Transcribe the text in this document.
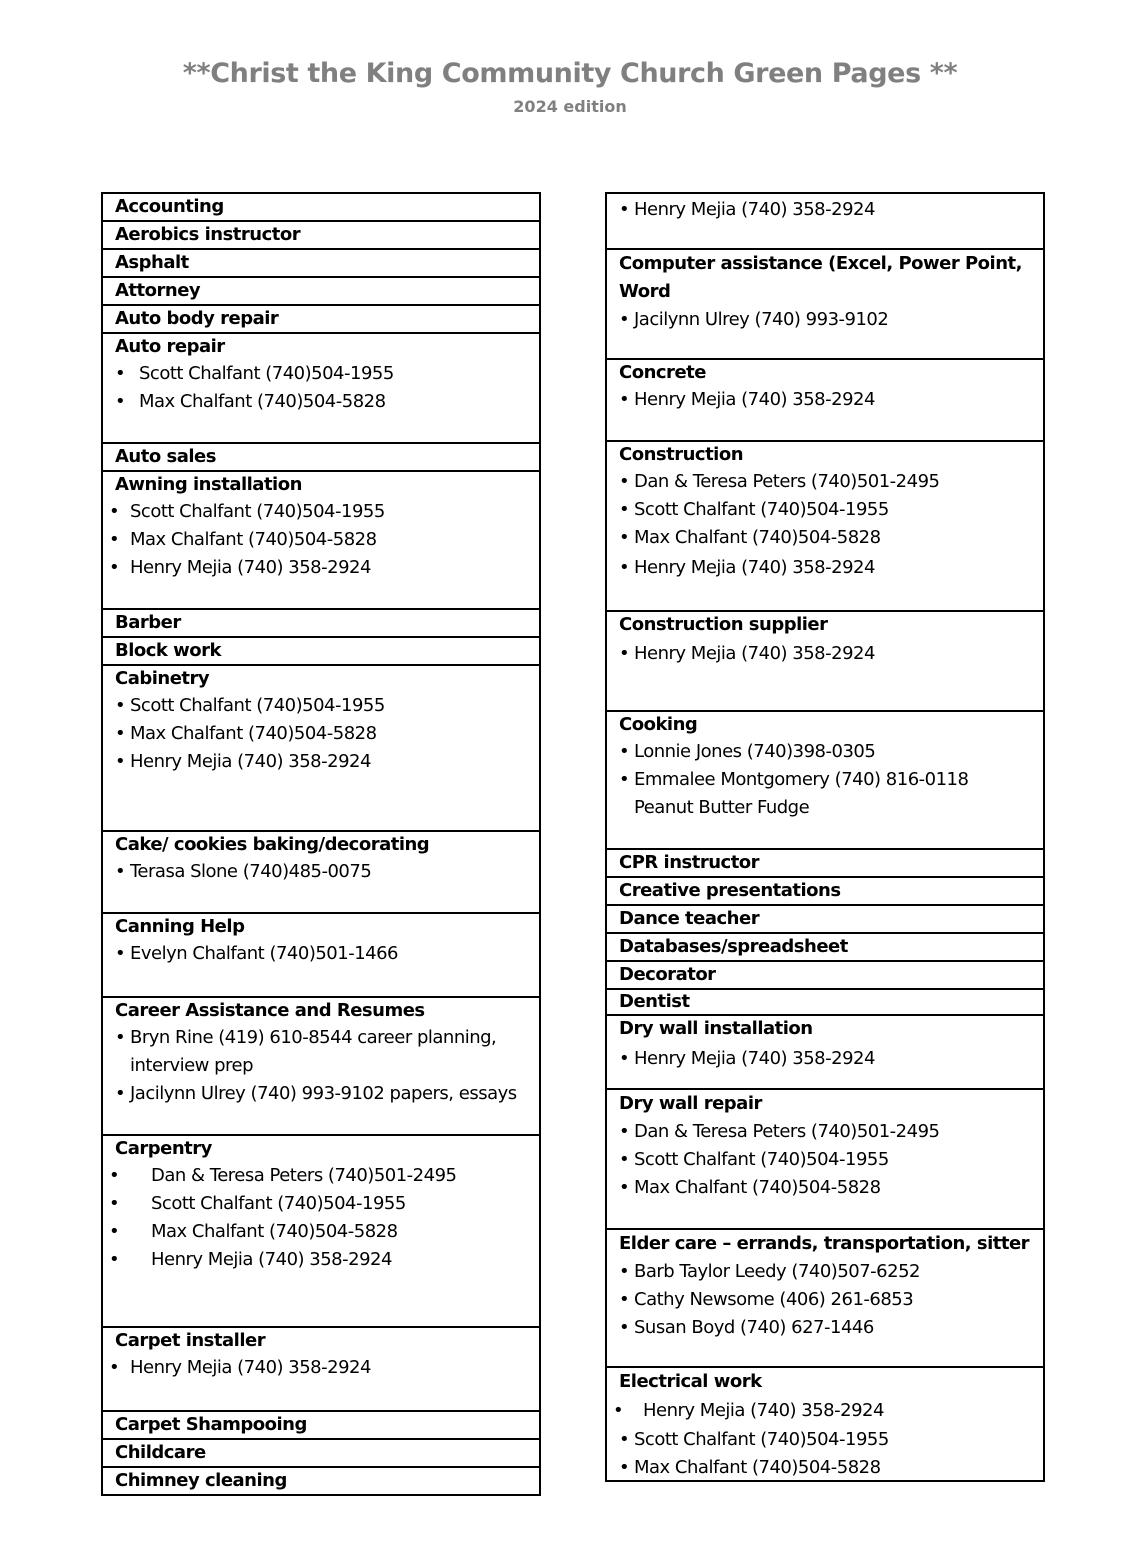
**Christ the King Community Church Green Pages **
2024 edition
Accounting
Aerobics instructor
Asphalt
Attorney
Auto body repair
Auto repair
• Scott Chalfant (740)504-1955
• Max Chalfant (740)504-5828
Auto sales
Awning installation
• Scott Chalfant (740)504-1955
• Max Chalfant (740)504-5828
• Henry Mejia (740) 358-2924
Barber
Block work
Cabinetry
• Scott Chalfant (740)504-1955
• Max Chalfant (740)504-5828
• Henry Mejia (740) 358-2924
Cake/ cookies baking/decorating
• Terasa Slone (740)485-0075
Canning Help
• Evelyn Chalfant (740)501-1466
Career Assistance and Resumes
• Bryn Rine (419) 610-8544 career planning,
interview prep
• Jacilynn Ulrey (740) 993-9102 papers, essays
Carpentry
• Dan & Teresa Peters (740)501-2495
• Scott Chalfant (740)504-1955
• Max Chalfant (740)504-5828
• Henry Mejia (740) 358-2924
Carpet installer
• Henry Mejia (740) 358-2924
Carpet Shampooing
Childcare
Chimney cleaning
• Henry Mejia (740) 358-2924
Computer assistance (Excel, Power Point, Word
• Jacilynn Ulrey (740) 993-9102
Concrete
• Henry Mejia (740) 358-2924
Construction
• Dan & Teresa Peters (740)501-2495
• Scott Chalfant (740)504-1955
• Max Chalfant (740)504-5828
• Henry Mejia (740) 358-2924
Construction supplier
• Henry Mejia (740) 358-2924
Cooking
• Lonnie Jones (740)398-0305
• Emmalee Montgomery (740) 816-0118
Peanut Butter Fudge
CPR instructor
Creative presentations
Dance teacher
Databases/spreadsheet
Decorator
Dentist
Dry wall installation
• Henry Mejia (740) 358-2924
Dry wall repair
• Dan & Teresa Peters (740)501-2495
• Scott Chalfant (740)504-1955
• Max Chalfant (740)504-5828
Elder care – errands, transportation, sitter
• Barb Taylor Leedy (740)507-6252
• Cathy Newsome (406) 261-6853
• Susan Boyd (740) 627-1446
Electrical work
• Henry Mejia (740) 358-2924
• Scott Chalfant (740)504-1955
• Max Chalfant (740)504-5828
